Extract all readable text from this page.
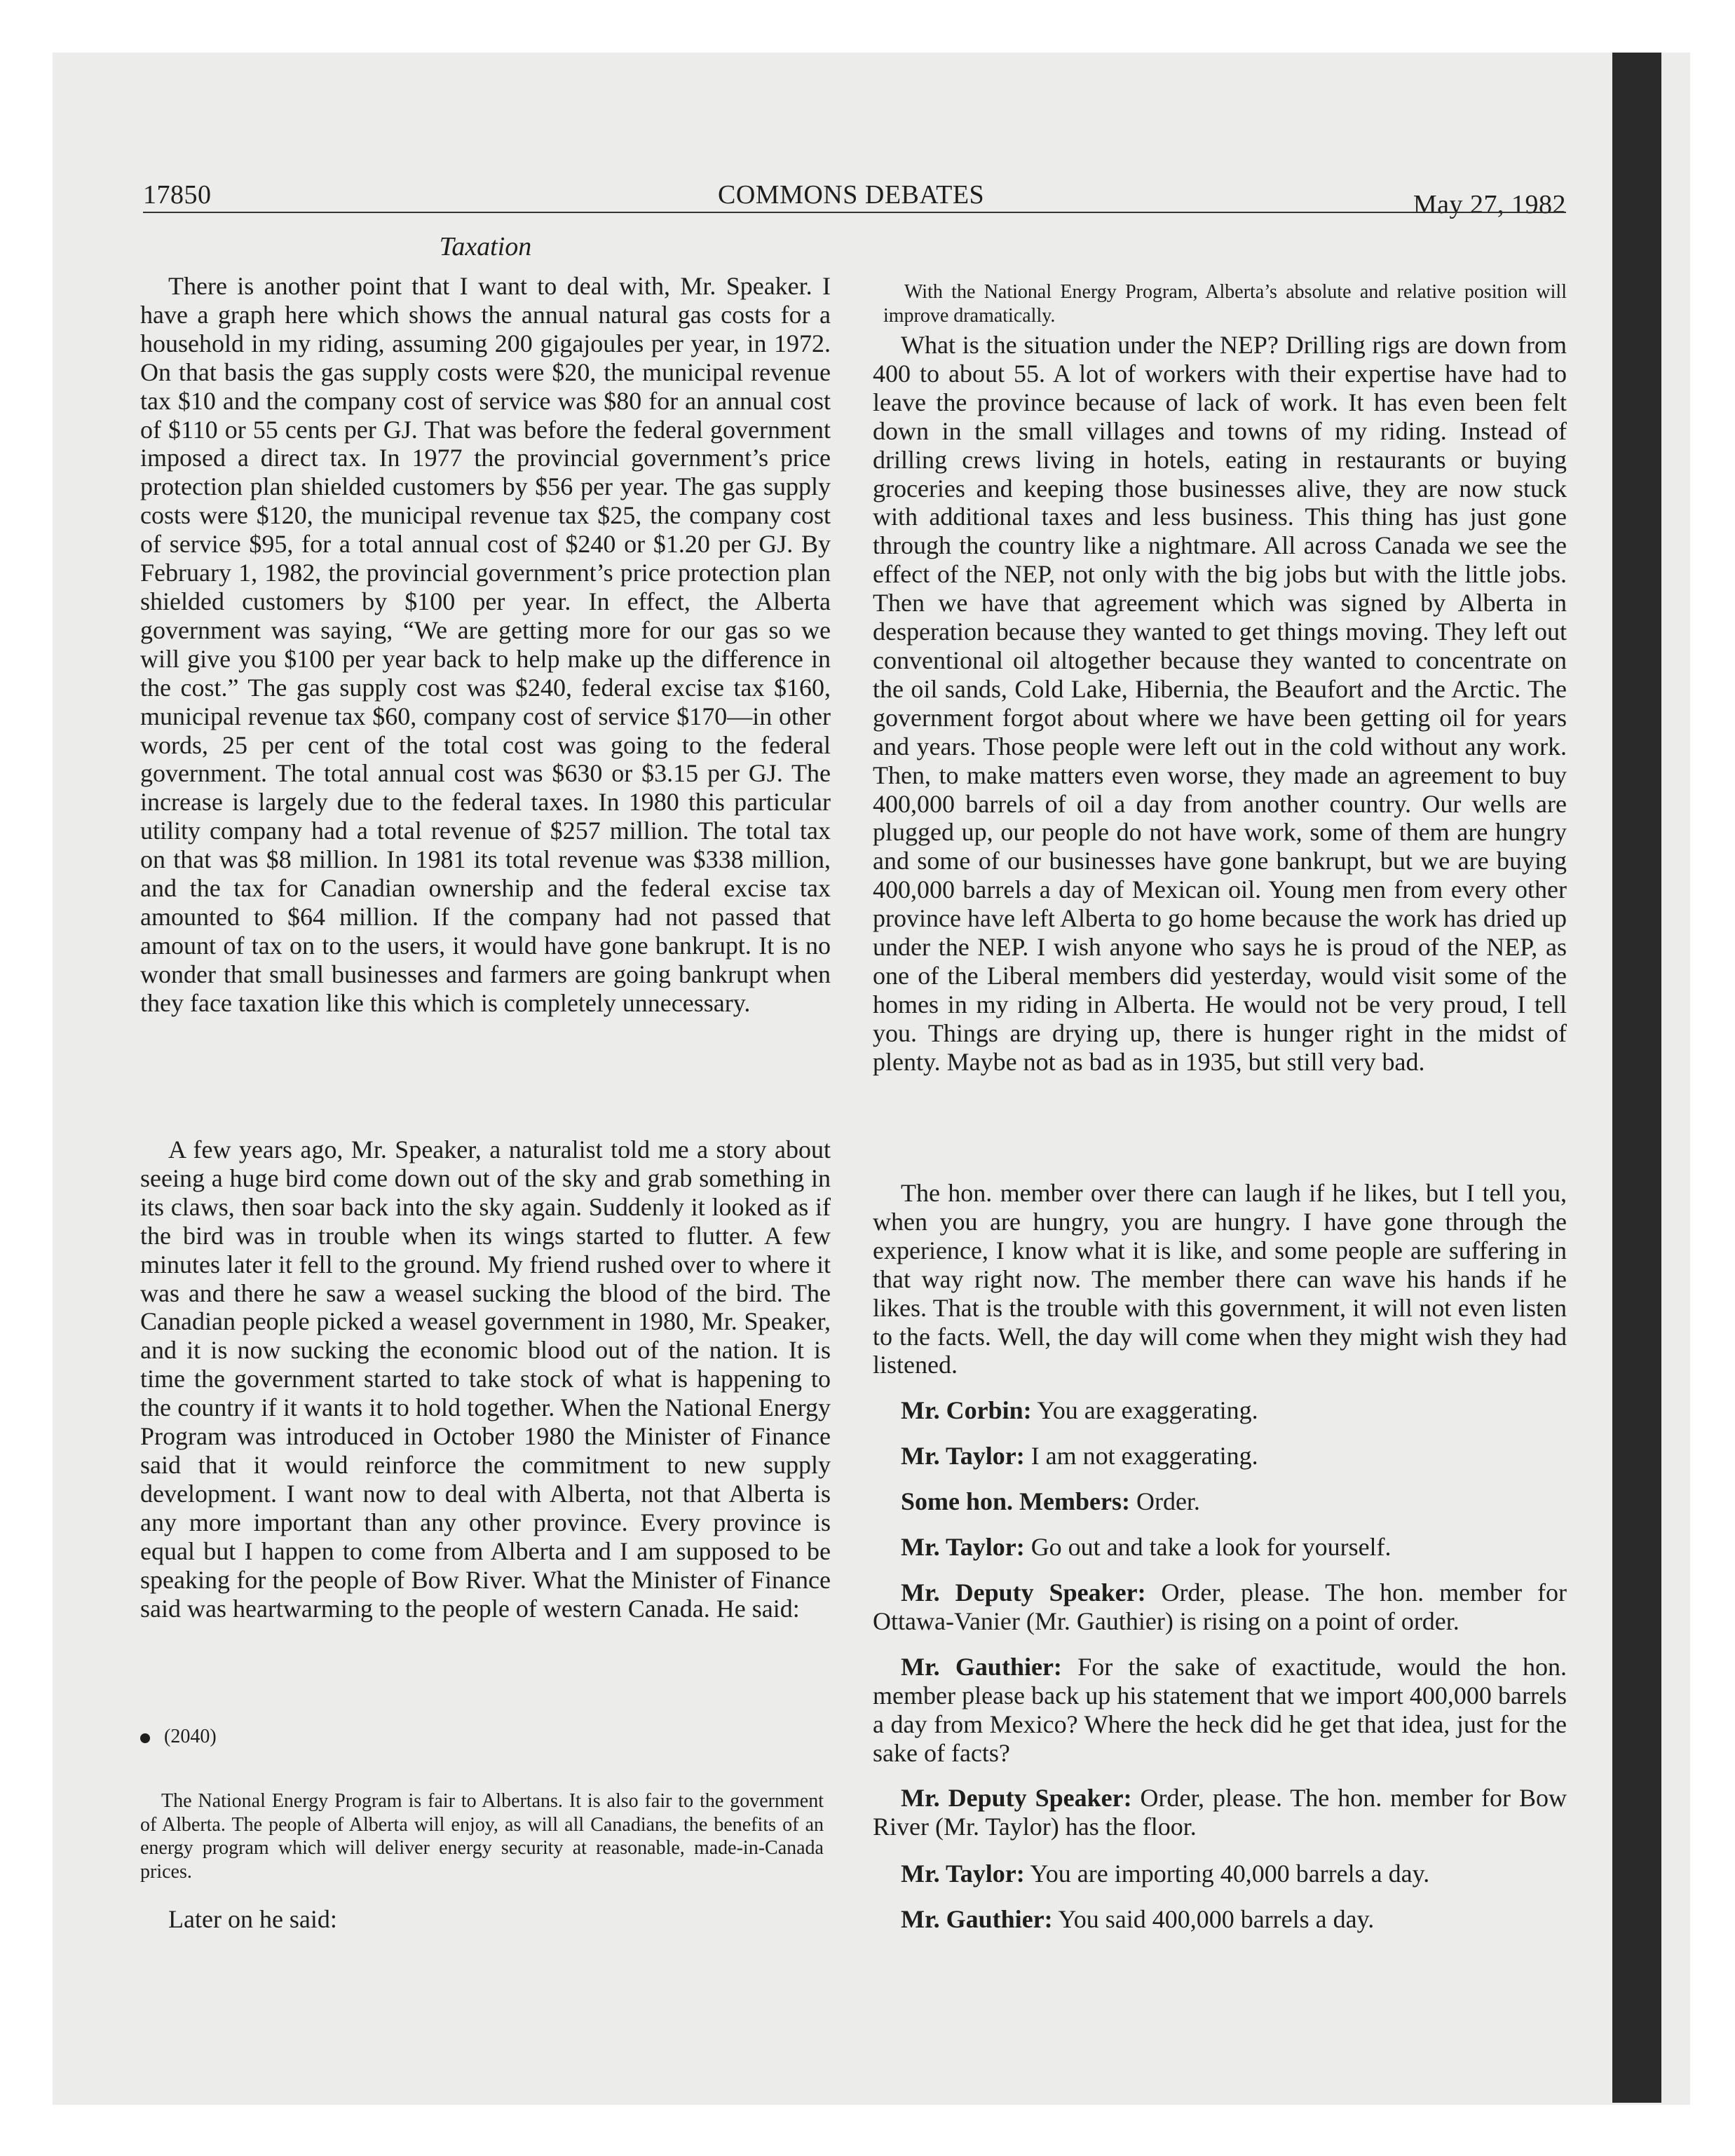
17850	COMMONS DEBATES	May 27, 1982
Taxation

There is another point that I want to deal with, Mr. Speaker. I have a graph here which shows the annual natural gas costs for a household in my riding, assuming 200 gigajoules per year, in 1972. On that basis the gas supply costs were $20, the municipal revenue tax $10 and the company cost of service was $80 for an annual cost of $110 or 55 cents per GJ. That was before the federal government imposed a direct tax. In 1977 the provincial government’s price protection plan shielded customers by $56 per year. The gas supply costs were $120, the municipal revenue tax $25, the company cost of service $95, for a total annual cost of $240 or $1.20 per GJ. By February 1, 1982, the provincial government’s price protection plan shielded customers by $100 per year. In effect, the Alberta government was saying, “We are getting more for our gas so we will give you $100 per year back to help make up the difference in the cost.” The gas supply cost was $240, federal excise tax $160, municipal revenue tax $60, company cost of service $170—in other words, 25 per cent of the total cost was going to the federal government. The total annual cost was $630 or $3.15 per GJ. The increase is largely due to the federal taxes. In 1980 this particular utility company had a total revenue of $257 million. The total tax on that was $8 million. In 1981 its total revenue was $338 million, and the tax for Canadian ownership and the federal excise tax amounted to $64 million. If the company had not passed that amount of tax on to the users, it would have gone bankrupt. It is no wonder that small businesses and farmers are going bankrupt when they face taxation like this which is completely unnecessary.

A few years ago, Mr. Speaker, a naturalist told me a story about seeing a huge bird come down out of the sky and grab something in its claws, then soar back into the sky again. Suddenly it looked as if the bird was in trouble when its wings started to flutter. A few minutes later it fell to the ground. My friend rushed over to where it was and there he saw a weasel sucking the blood of the bird. The Canadian people picked a weasel government in 1980, Mr. Speaker, and it is now sucking the economic blood out of the nation. It is time the government started to take stock of what is happening to the country if it wants it to hold together. When the National Energy Program was introduced in October 1980 the Minister of Finance said that it would reinforce the commitment to new supply development. I want now to deal with Alberta, not that Alberta is any more important than any other province. Every province is equal but I happen to come from Alberta and I am supposed to be speaking for the people of Bow River. What the Minister of Finance said was heartwarming to the people of western Canada. He said:

(2040)

The National Energy Program is fair to Albertans. It is also fair to the government of Alberta. The people of Alberta will enjoy, as will all Canadians, the benefits of an energy program which will deliver energy security at reasonable, made-in-Canada prices.

Later on he said:

With the National Energy Program, Alberta’s absolute and relative position will improve dramatically.

What is the situation under the NEP? Drilling rigs are down from 400 to about 55. A lot of workers with their expertise have had to leave the province because of lack of work. It has even been felt down in the small villages and towns of my riding. Instead of drilling crews living in hotels, eating in restaurants or buying groceries and keeping those businesses alive, they are now stuck with additional taxes and less business. This thing has just gone through the country like a nightmare. All across Canada we see the effect of the NEP, not only with the big jobs but with the little jobs. Then we have that agreement which was signed by Alberta in desperation because they wanted to get things moving. They left out conventional oil altogether because they wanted to concentrate on the oil sands, Cold Lake, Hibernia, the Beaufort and the Arctic. The government forgot about where we have been getting oil for years and years. Those people were left out in the cold without any work. Then, to make matters even worse, they made an agreement to buy 400,000 barrels of oil a day from another country. Our wells are plugged up, our people do not have work, some of them are hungry and some of our businesses have gone bankrupt, but we are buying 400,000 barrels a day of Mexican oil. Young men from every other province have left Alberta to go home because the work has dried up under the NEP. I wish anyone who says he is proud of the NEP, as one of the Liberal members did yesterday, would visit some of the homes in my riding in Alberta. He would not be very proud, I tell you. Things are drying up, there is hunger right in the midst of plenty. Maybe not as bad as in 1935, but still very bad.

The hon. member over there can laugh if he likes, but I tell you, when you are hungry, you are hungry. I have gone through the experience, I know what it is like, and some people are suffering in that way right now. The member there can wave his hands if he likes. That is the trouble with this government, it will not even listen to the facts. Well, the day will come when they might wish they had listened.

Mr. Corbin: You are exaggerating.

Mr. Taylor: I am not exaggerating.

Some hon. Members: Order.

Mr. Taylor: Go out and take a look for yourself.

Mr. Deputy Speaker: Order, please. The hon. member for Ottawa-Vanier (Mr. Gauthier) is rising on a point of order.

Mr. Gauthier: For the sake of exactitude, would the hon. member please back up his statement that we import 400,000 barrels a day from Mexico? Where the heck did he get that idea, just for the sake of facts?

Mr. Deputy Speaker: Order, please. The hon. member for Bow River (Mr. Taylor) has the floor.

Mr. Taylor: You are importing 40,000 barrels a day.

Mr. Gauthier: You said 400,000 barrels a day.
